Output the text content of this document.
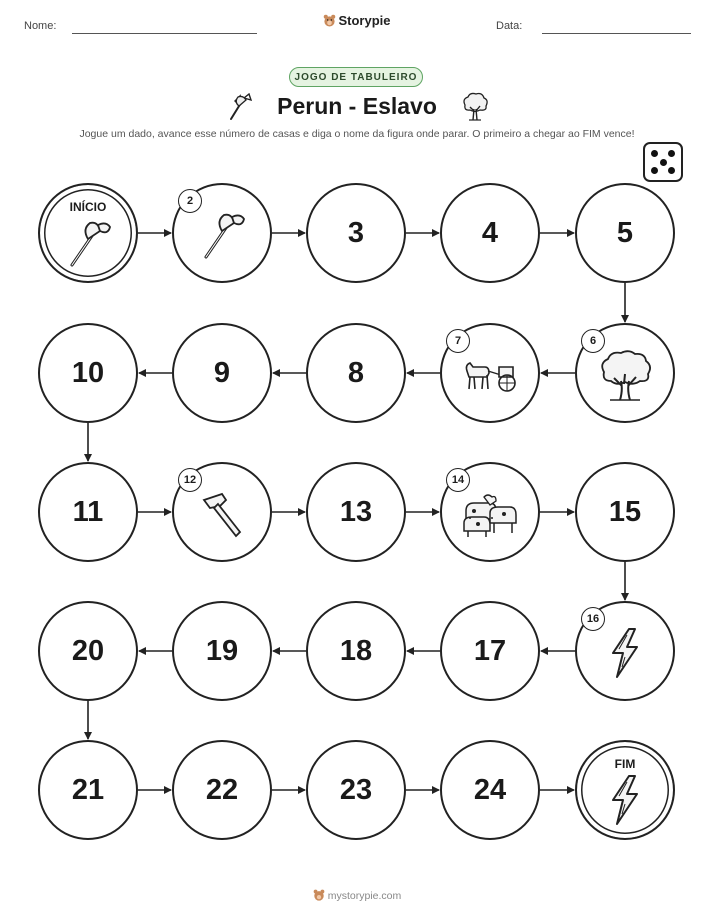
Nome:	Storypie	Data:
JOGO DE TABULEIRO
Perun - Eslavo
Jogue um dado, avance esse número de casas e diga o nome da figura onde parar. O primeiro a chegar ao FIM vence!
INÍCIO	2
3	4	5
6
7
8
9
10
11
12
13
14
15
16
17
18
19
20
21	22	23	24
FIM
mystorypie.com
